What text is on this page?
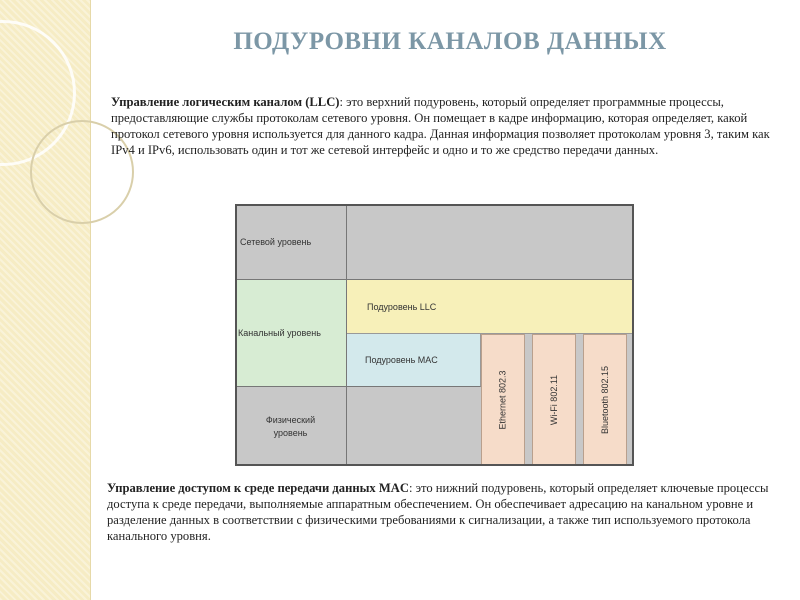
ПОДУРОВНИ КАНАЛОВ ДАННЫХ
Управление логическим каналом (LLC): это верхний подуровень, который определяет программные процессы, предоставляющие службы протоколам сетевого уровня. Он помещает в кадре информацию, которая определяет, какой протокол сетевого уровня используется для данного кадра. Данная информация позволяет протоколам уровня 3, таким как IPv4 и IPv6, использовать один и тот же сетевой интерфейс и одно и то же средство передачи данных.
Сетевой уровень
Канальный уровень
Физический уровень
Подуровень LLC
Подуровень MAC
Ethernet 802.3	Wi-Fi 802.11	Bluetooth 802.15
Управление доступом к среде передачи данных MAC: это нижний подуровень, который определяет ключевые процессы доступа к среде передачи, выполняемые аппаратным обеспечением. Он обеспечивает адресацию на канальном уровне и разделение данных в соответствии с физическими требованиями к сигнализации, а также тип используемого протокола канального уровня.
